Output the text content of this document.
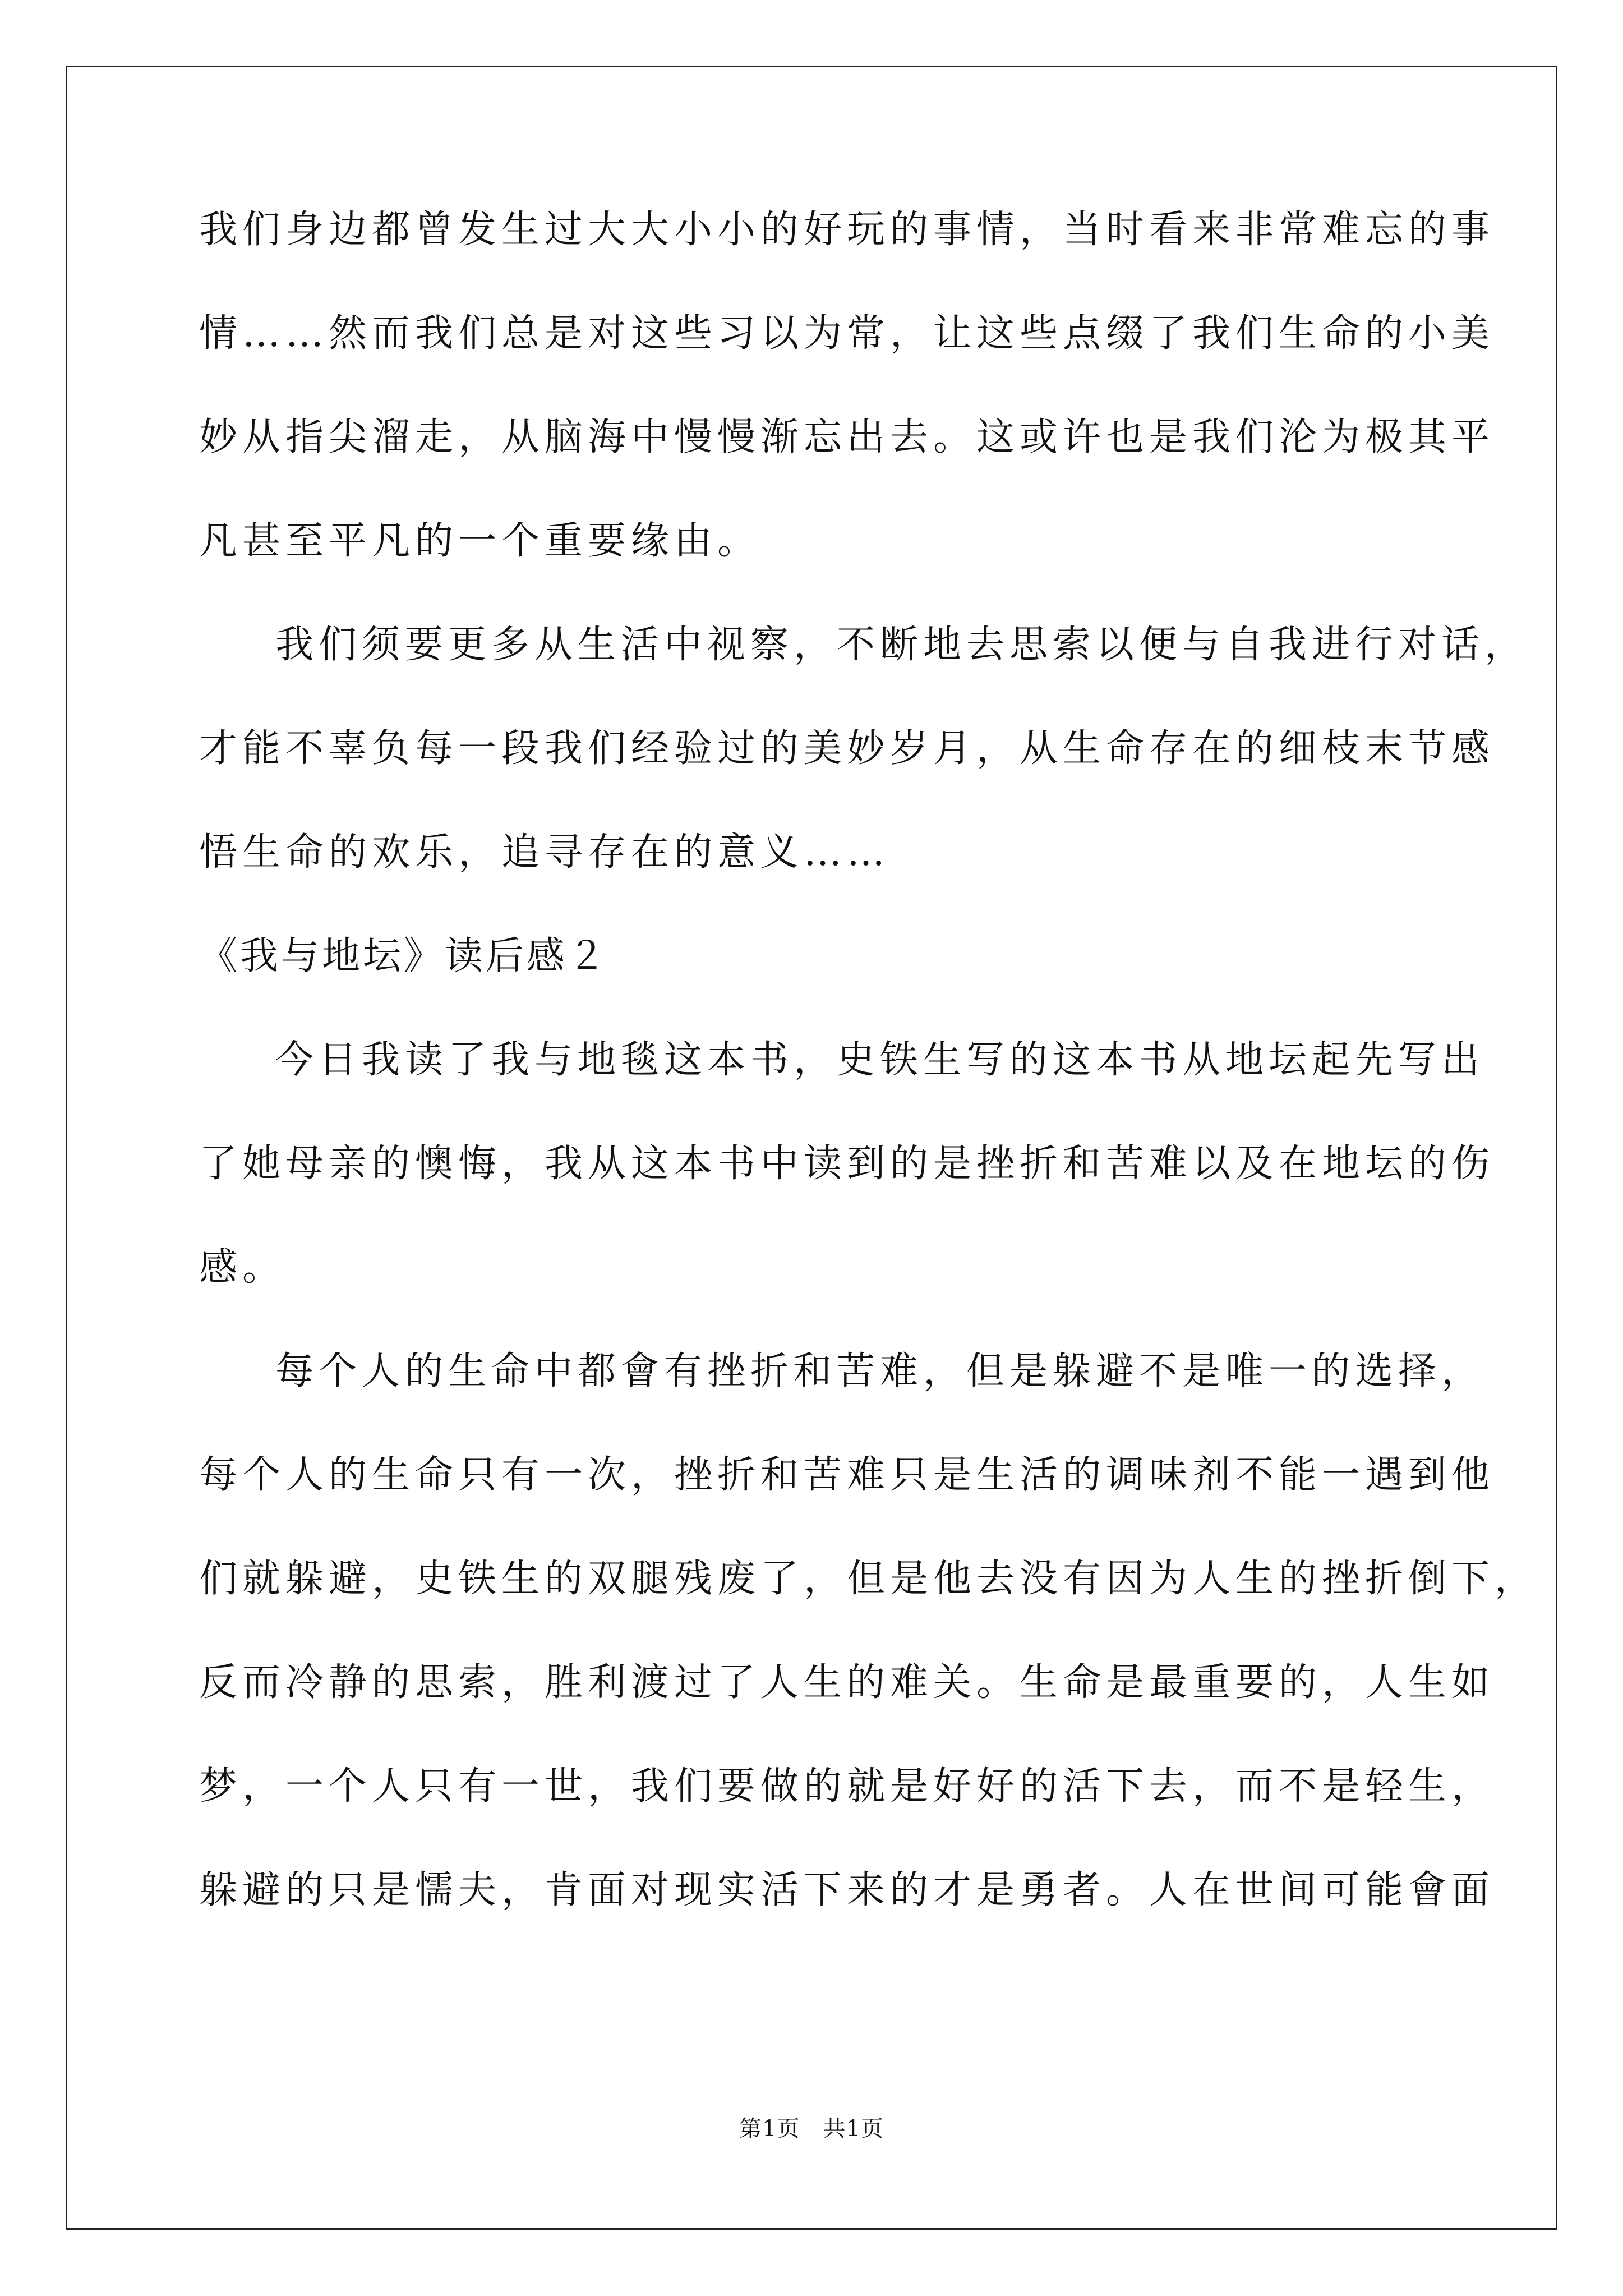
我们身边都曾发生过大大小小的好玩的事情，当时看来非常难忘的事
情……然而我们总是对这些习以为常，让这些点缀了我们生命的小美
妙从指尖溜走，从脑海中慢慢渐忘出去。这或许也是我们沦为极其平
凡甚至平凡的一个重要缘由。
我们须要更多从生活中视察，不断地去思索以便与自我进行对话，
才能不辜负每一段我们经验过的美妙岁月，从生命存在的细枝末节感
悟生命的欢乐，追寻存在的意义……
《我与地坛》读后感２
今日我读了我与地毯这本书，史铁生写的这本书从地坛起先写出
了她母亲的懊悔，我从这本书中读到的是挫折和苦难以及在地坛的伤
感。
每个人的生命中都會有挫折和苦难，但是躲避不是唯一的选择，
每个人的生命只有一次，挫折和苦难只是生活的调味剂不能一遇到他
们就躲避，史铁生的双腿残废了，但是他去没有因为人生的挫折倒下，
反而冷静的思索，胜利渡过了人生的难关。生命是最重要的，人生如
梦，一个人只有一世，我们要做的就是好好的活下去，而不是轻生，
躲避的只是懦夫，肯面对现实活下来的才是勇者。人在世间可能會面
第1页　共1页
